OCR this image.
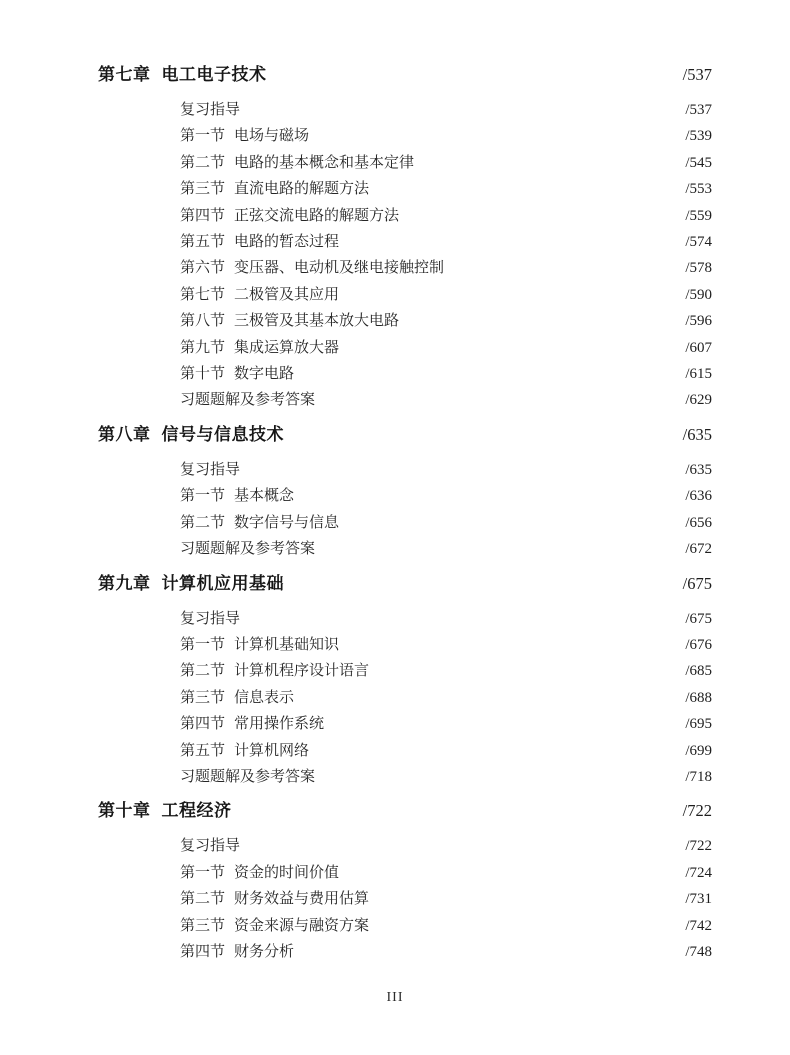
第七章 电工电子技术	/537
复习指导	/537
第一节 电场与磁场	/539
第二节 电路的基本概念和基本定律	/545
第三节 直流电路的解题方法	/553
第四节 正弦交流电路的解题方法	/559
第五节 电路的暂态过程	/574
第六节 变压器、电动机及继电接触控制	/578
第七节 二极管及其应用	/590
第八节 三极管及其基本放大电路	/596
第九节 集成运算放大器	/607
第十节 数字电路	/615
习题题解及参考答案	/629
第八章 信号与信息技术	/635
复习指导	/635
第一节 基本概念	/636
第二节 数字信号与信息	/656
习题题解及参考答案	/672
第九章 计算机应用基础	/675
复习指导	/675
第一节 计算机基础知识	/676
第二节 计算机程序设计语言	/685
第三节 信息表示	/688
第四节 常用操作系统	/695
第五节 计算机网络	/699
习题题解及参考答案	/718
第十章 工程经济	/722
复习指导	/722
第一节 资金的时间价值	/724
第二节 财务效益与费用估算	/731
第三节 资金来源与融资方案	/742
第四节 财务分析	/748
III
